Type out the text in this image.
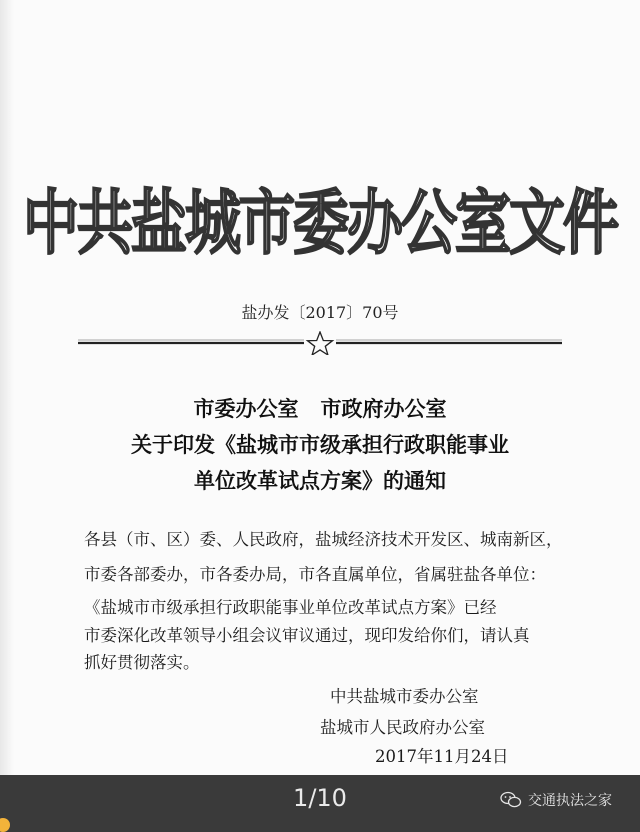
中共盐城市委办公室文件
盐办发〔2017〕70号
市委办公室 市政府办公室
关于印发《盐城市市级承担行政职能事业
单位改革试点方案》的通知
各县（市、区）委、人民政府，盐城经济技术开发区、城南新区，
市委各部委办，市各委办局，市各直属单位，省属驻盐各单位：
《盐城市市级承担行政职能事业单位改革试点方案》已经
市委深化改革领导小组会议审议通过，现印发给你们，请认真
抓好贯彻落实。
中共盐城市委办公室
盐城市人民政府办公室
2017年11月24日
1/10	交通执法之家
